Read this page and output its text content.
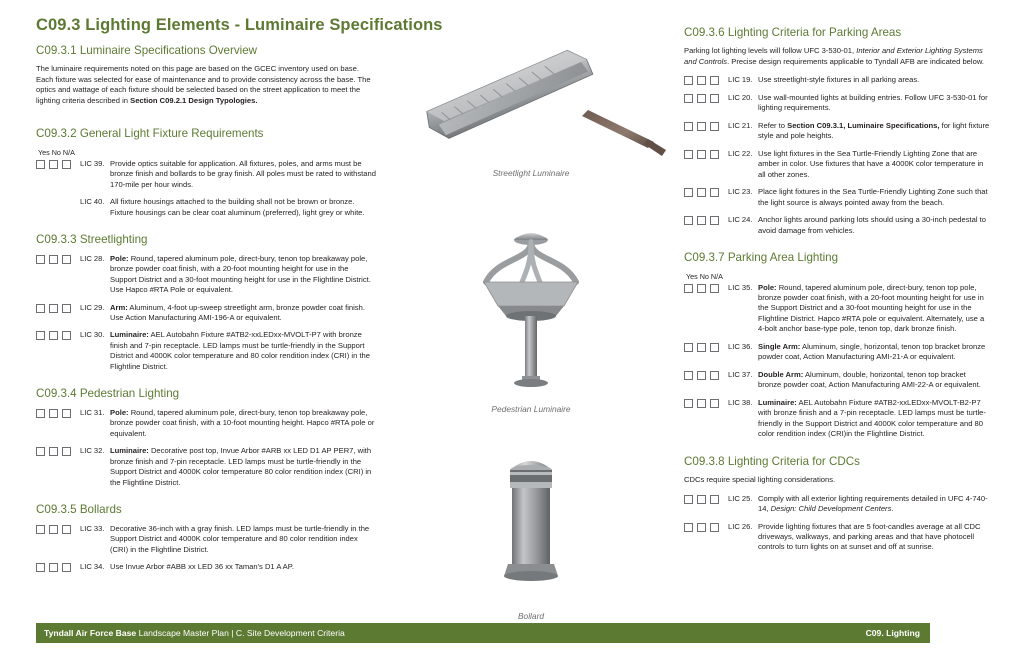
C09.3 Lighting Elements - Luminaire Specifications
C09.3.1 Luminaire Specifications Overview

The luminaire requirements noted on this page are based on the GCEC inventory used on base. Each fixture was selected for ease of maintenance and to provide consistency across the base. The optics and wattage of each fixture should be selected based on the street application to meet the lighting criteria described in Section C09.2.1 Design Typologies.

C09.3.2 General Light Fixture Requirements
Yes No N/A
LIC 39. Provide optics suitable for application. All fixtures, poles, and arms must be bronze finish and bollards to be gray finish. All poles must be rated to withstand 170-mile per hour winds.
LIC 40. All fixture housings attached to the building shall not be brown or bronze. Fixture housings can be clear coat aluminum (preferred), light grey or white.
C09.3.3 Streetlighting
LIC 28. Pole: Round, tapered aluminum pole, direct-bury, tenon top breakaway pole, bronze powder coat finish, with a 20-foot mounting height for use in the Support District and a 30-foot mounting height for use in the Flightline District. Use Hapco #RTA Pole or equivalent.
LIC 29. Arm: Aluminum, 4-foot up-sweep streetlight arm, bronze powder coat finish. Use Action Manufacturing AMI-196-A or equivalent.
LIC 30. Luminaire: AEL Autobahn Fixture #ATB2-xxLEDxx-MVOLT-P7 with bronze finish and 7-pin receptacle. LED lamps must be turtle-friendly in the Support District and 4000K color temperature and 80 color rendition index (CRI) in the Flightline District.
C09.3.4 Pedestrian Lighting
LIC 31. Pole: Round, tapered aluminum pole, direct-bury, tenon top breakaway pole, bronze powder coat finish, with a 10-foot mounting height. Hapco #RTA pole or equivalent.
LIC 32. Luminaire: Decorative post top, Invue Arbor #ARB xx LED D1 AP PER7, with bronze finish and 7-pin receptacle. LED lamps must be turtle-friendly in the Support District and 4000K color temperature 80 color rendition index (CRI) in the Flightline District.
C09.3.5 Bollards
LIC 33. Decorative 36-inch with a gray finish. LED lamps must be turtle-friendly in the Support District and 4000K color temperature and 80 color rendition index (CRI) in the Flightline District.
LIC 34. Use Invue Arbor #ABB xx LED 36 xx Taman's D1 A AP.
Streetlight Luminaire
Pedestrian Luminaire
Bollard
C09.3.6 Lighting Criteria for Parking Areas

Parking lot lighting levels will follow UFC 3-530-01, Interior and Exterior Lighting Systems and Controls. Precise design requirements applicable to Tyndall AFB are indicated below.

LIC 19. Use streetlight-style fixtures in all parking areas.
LIC 20. Use wall-mounted lights at building entries. Follow UFC 3-530-01 for lighting requirements.
LIC 21. Refer to Section C09.3.1, Luminaire Specifications, for light fixture style and pole heights.
LIC 22. Use light fixtures in the Sea Turtle-Friendly Lighting Zone that are amber in color. Use fixtures that have a 4000K color temperature in all other zones.
LIC 23. Place light fixtures in the Sea Turtle-Friendly Lighting Zone such that the light source is always pointed away from the beach.
LIC 24. Anchor lights around parking lots should using a 30-inch pedestal to avoid damage from vehicles.
C09.3.7 Parking Area Lighting
Yes No N/A
LIC 35. Pole: Round, tapered aluminum pole, direct-bury, tenon top pole, bronze powder coat finish, with a 20-foot mounting height for use in the Support District and a 30-foot mounting height for use in the Flightline District. Hapco #RTA pole or equivalent. Alternately, use a 4-bolt anchor base-type pole, tenon top, dark bronze finish.
LIC 36. Single Arm: Aluminum, single, horizontal, tenon top bracket bronze powder coat, Action Manufacturing AMI-21-A or equivalent.
LIC 37. Double Arm: Aluminum, double, horizontal, tenon top bracket bronze powder coat, Action Manufacturing AMI-22-A or equivalent.
LIC 38. Luminaire: AEL Autobahn Fixture #ATB2-xxLEDxx-MVOLT-B2-P7 with bronze finish and a 7-pin receptacle. LED lamps must be turtle-friendly in the Support District and 4000K color temperature and 80 color rendition index (CRI)in the Flightline District.
C09.3.8 Lighting Criteria for CDCs

CDCs require special lighting considerations.

LIC 25. Comply with all exterior lighting requirements detailed in UFC 4-740-14, Design: Child Development Centers.
LIC 26. Provide lighting fixtures that are 5 foot-candles average at all CDC driveways, walkways, and parking areas and that have photocell controls to turn lights on at sunset and off at sunrise.
Tyndall Air Force Base Landscape Master Plan | C. Site Development Criteria	C09. Lighting	C09-3
